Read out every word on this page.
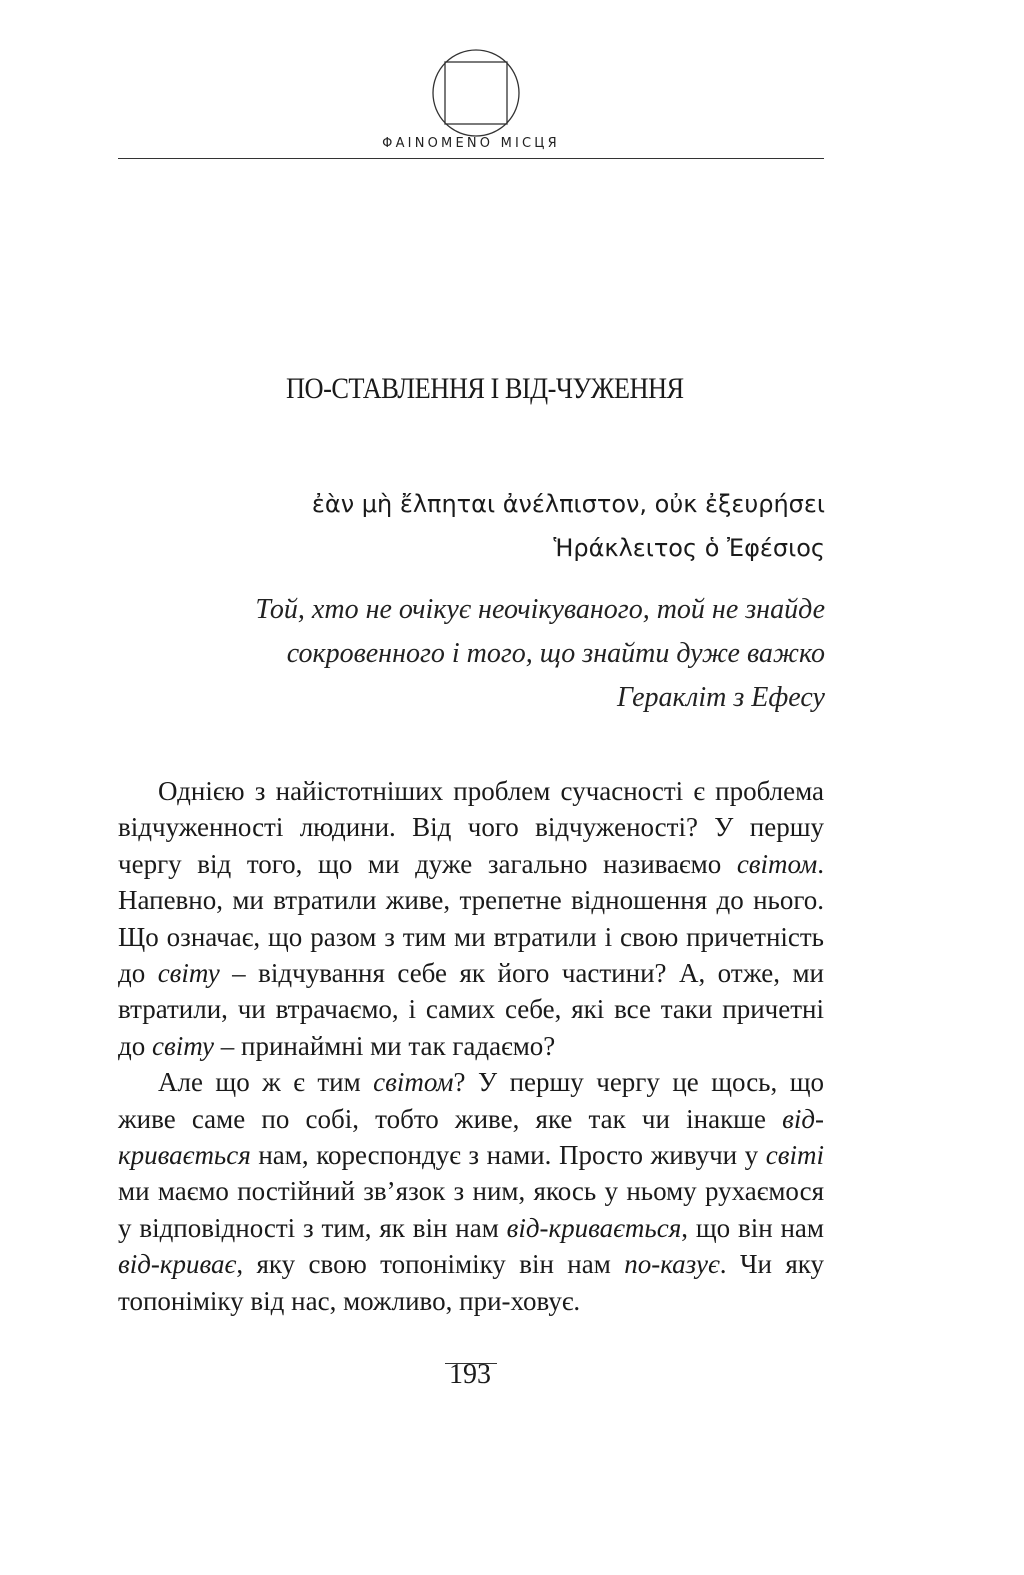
ΦAINOMENO МІСЦЯ
ПО-СТАВЛЕННЯ І ВІД-ЧУЖЕННЯ
ἐὰν μὴ ἔλπηται ἀνέλπιστον, οὐκ ἐξευρήσει
Ἡράκλειτος ὁ Ἐφέσιος
Той, хто не очікує неочікуваного, той не знайде
сокровенного і того, що знайти дуже важко
Геракліт з Ефесу

Однією з найістотніших проблем сучасності є проблема відчуженності людини. Від чого відчуженості? У першу чергу від того, що ми дуже загально називаємо світом. Напевно, ми втратили живе, трепетне відношення до нього. Що означає, що разом з тим ми втратили і свою причетність до світу – відчування себе як його частини? А, отже, ми втратили, чи втрачаємо, і самих себе, які все таки причетні до світу – принаймні ми так гадаємо?

Але що ж є тим світом? У першу чергу це щось, що живе саме по собі, тобто живе, яке так чи інакше від-кривається нам, кореспондує з нами. Просто живучи у світі ми маємо постійний зв’язок з ним, якось у ньому рухаємося у відповідності з тим, як він нам від-кривається, що він нам від-криває, яку свою топоніміку він нам по-казує. Чи яку топоніміку від нас, можливо, при-ховує.

193
